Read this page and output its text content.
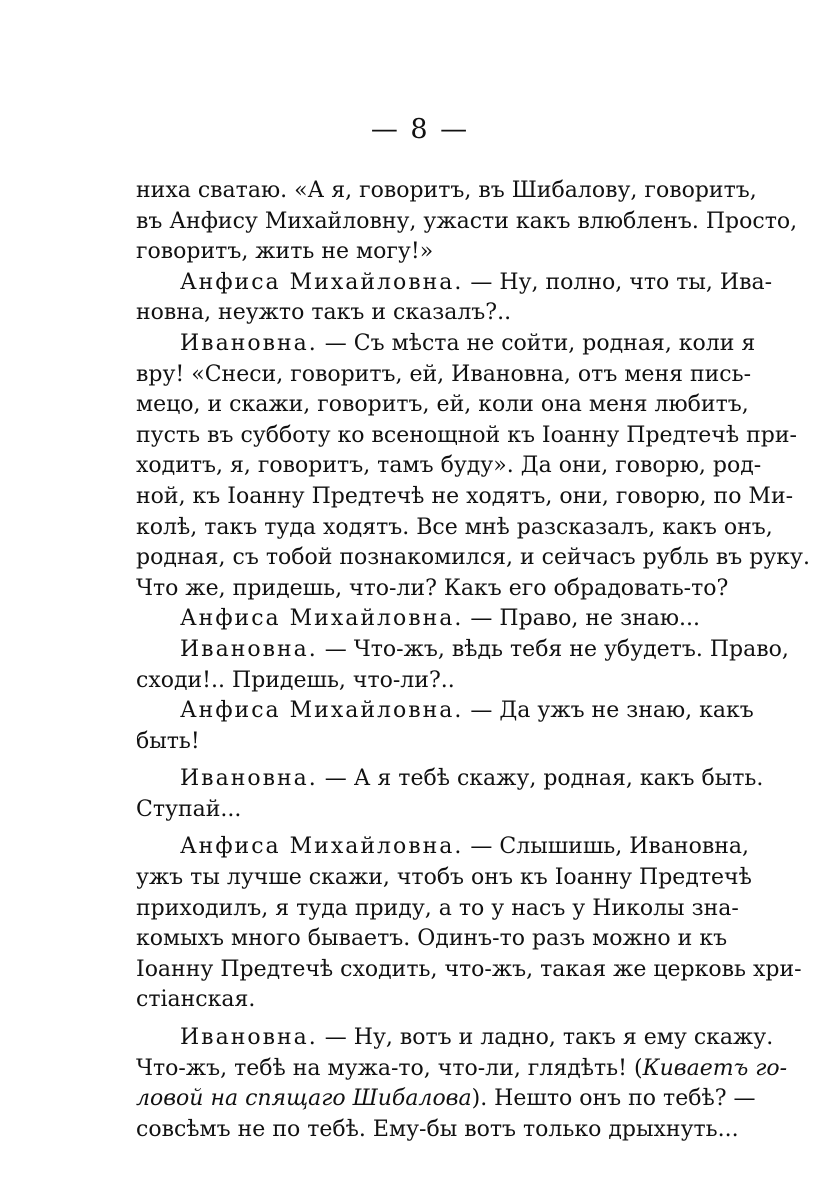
— 8 —
ниха сватаю. «А я, говоритъ, въ Шибалову, говоритъ,
въ Анфису Михайловну, ужасти какъ влюбленъ. Просто,
говоритъ, жить не могу!»
Анфиса Михайловна. — Ну, полно, что ты, Ива-
новна, неужто такъ и сказалъ?..
Ивановна. — Съ мѣста не сойти, родная, коли я
вру! «Снеси, говоритъ, ей, Ивановна, отъ меня пись-
мецо, и скажи, говоритъ, ей, коли она меня любитъ,
пусть въ субботу ко всенощной къ Іоанну Предтечѣ при-
ходитъ, я, говоритъ, тамъ буду». Да они, говорю, род-
ной, къ Іоанну Предтечѣ не ходятъ, они, говорю, по Ми-
колѣ, такъ туда ходятъ. Все мнѣ разсказалъ, какъ онъ,
родная, съ тобой познакомился, и сейчасъ рубль въ руку.
Что же, придешь, что-ли? Какъ его обрадовать-то?
Анфиса Михайловна. — Право, не знаю...
Ивановна. — Что-жъ, вѣдь тебя не убудетъ. Право,
сходи!.. Придешь, что-ли?..
Анфиса Михайловна. — Да ужъ не знаю, какъ
быть!
Ивановна. — А я тебѣ скажу, родная, какъ быть.
Ступай...
Анфиса Михайловна. — Слышишь, Ивановна,
ужъ ты лучше скажи, чтобъ онъ къ Іоанну Предтечѣ
приходилъ, я туда приду, а то у насъ у Николы зна-
комыхъ много бываетъ. Одинъ-то разъ можно и къ
Іоанну Предтечѣ сходить, что-жъ, такая же церковь хри-
стіанская.
Ивановна. — Ну, вотъ и ладно, такъ я ему скажу.
Что-жъ, тебѣ на мужа-то, что-ли, глядѣть! (Киваетъ го-
ловой на спящаго Шибалова). Нешто онъ по тебѣ? —
совсѣмъ не по тебѣ. Ему-бы вотъ только дрыхнуть...
